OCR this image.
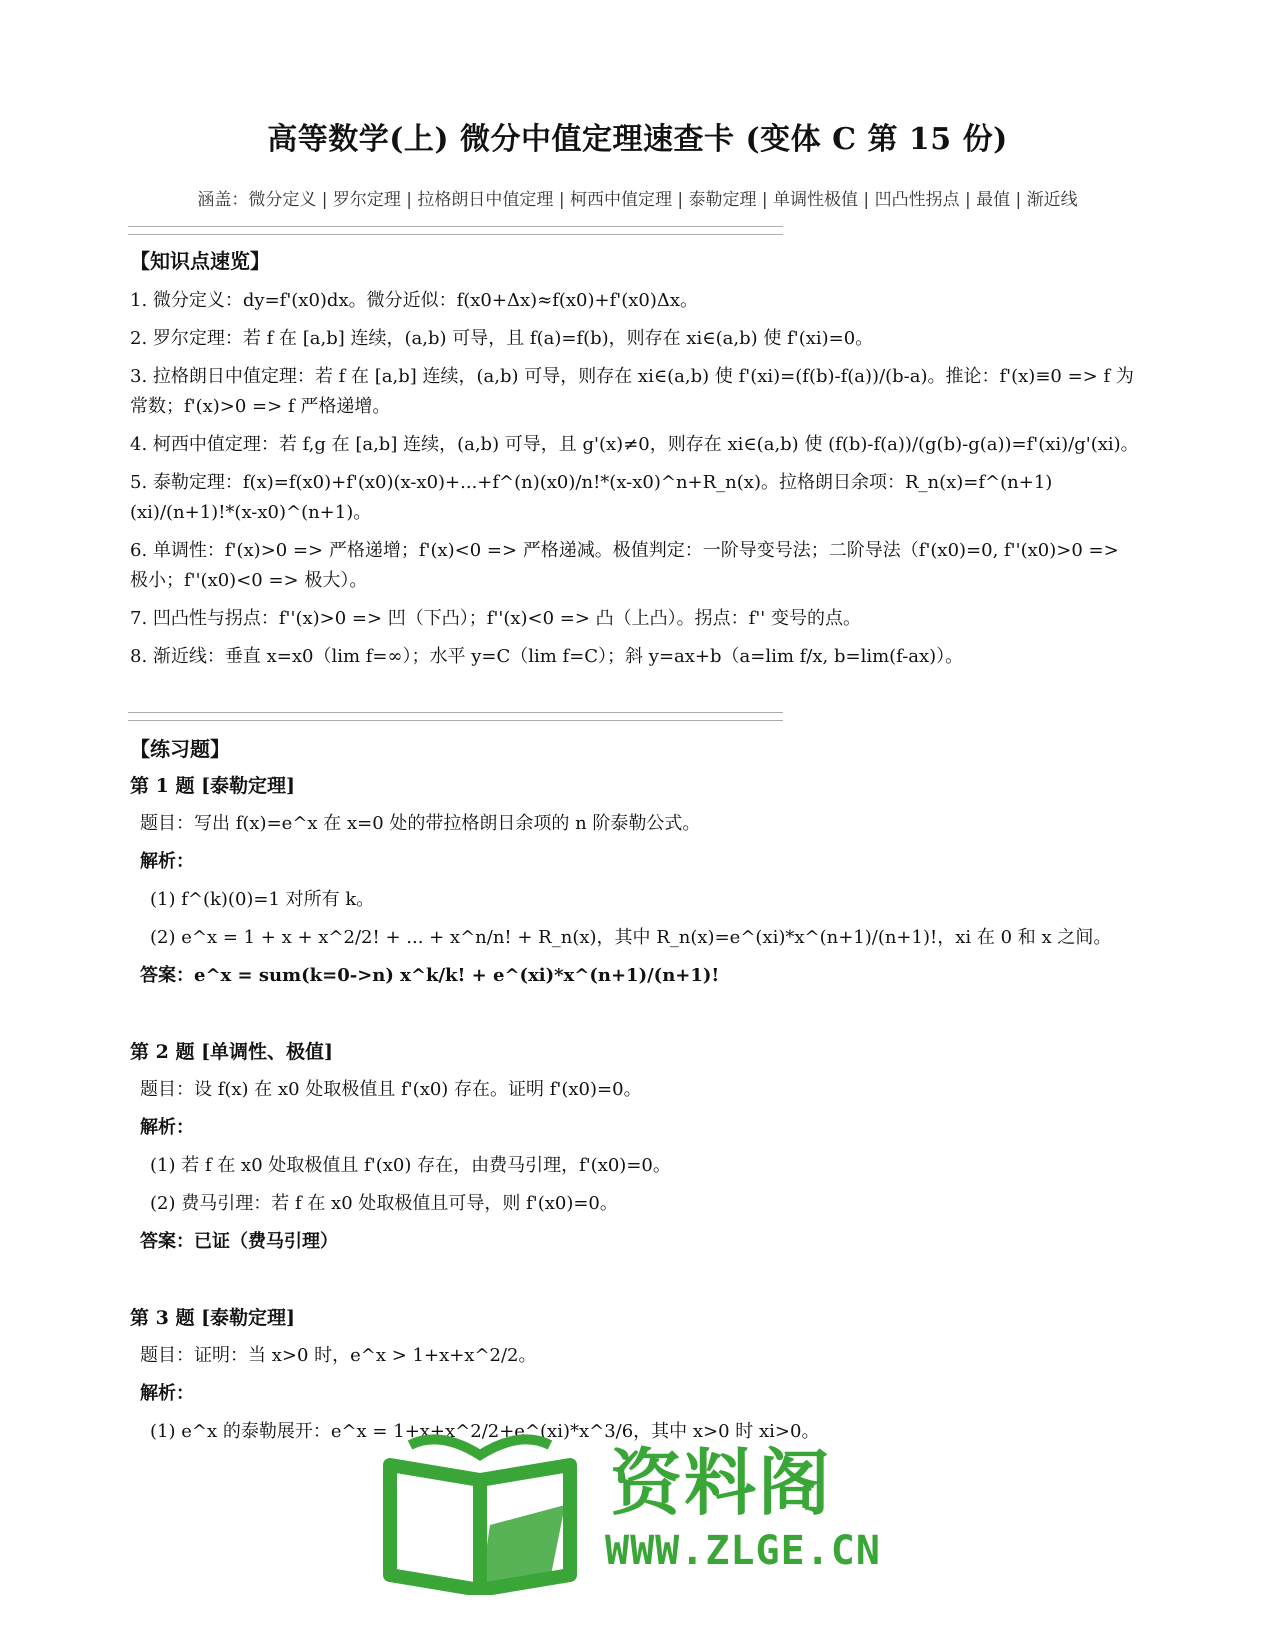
高等数学(上) 微分中值定理速查卡 (变体 C 第 15 份)
涵盖：微分定义 | 罗尔定理 | 拉格朗日中值定理 | 柯西中值定理 | 泰勒定理 | 单调性极值 | 凹凸性拐点 | 最值 | 渐近线
【知识点速览】

1. 微分定义：dy=f'(x0)dx。微分近似：f(x0+Δx)≈f(x0)+f'(x0)Δx。

2. 罗尔定理：若 f 在 [a,b] 连续，(a,b) 可导，且 f(a)=f(b)，则存在 xi∈(a,b) 使 f'(xi)=0。

3. 拉格朗日中值定理：若 f 在 [a,b] 连续，(a,b) 可导，则存在 xi∈(a,b) 使 f'(xi)=(f(b)-f(a))/(b-a)。推论：f'(x)≡0 => f 为常数；f'(x)>0 => f 严格递增。

4. 柯西中值定理：若 f,g 在 [a,b] 连续，(a,b) 可导，且 g'(x)≠0，则存在 xi∈(a,b) 使 (f(b)-f(a))/(g(b)-g(a))=f'(xi)/g'(xi)。

5. 泰勒定理：f(x)=f(x0)+f'(x0)(x-x0)+...+f^(n)(x0)/n!*(x-x0)^n+R_n(x)。拉格朗日余项：R_n(x)=f^(n+1)(xi)/(n+1)!*(x-x0)^(n+1)。

6. 单调性：f'(x)>0 => 严格递增；f'(x)<0 => 严格递减。极值判定：一阶导变号法；二阶导法（f'(x0)=0, f''(x0)>0 => 极小；f''(x0)<0 => 极大）。

7. 凹凸性与拐点：f''(x)>0 => 凹（下凸）；f''(x)<0 => 凸（上凸）。拐点：f'' 变号的点。

8. 渐近线：垂直 x=x0（lim f=∞）；水平 y=C（lim f=C）；斜 y=ax+b（a=lim f/x, b=lim(f-ax)）。

【练习题】

第 1 题 [泰勒定理]

题目：写出 f(x)=e^x 在 x=0 处的带拉格朗日余项的 n 阶泰勒公式。

解析：

(1) f^(k)(0)=1 对所有 k。

(2) e^x = 1 + x + x^2/2! + ... + x^n/n! + R_n(x)，其中 R_n(x)=e^(xi)*x^(n+1)/(n+1)!，xi 在 0 和 x 之间。

答案：e^x = sum(k=0->n) x^k/k! + e^(xi)*x^(n+1)/(n+1)!

第 2 题 [单调性、极值]

题目：设 f(x) 在 x0 处取极值且 f'(x0) 存在。证明 f'(x0)=0。

解析：

(1) 若 f 在 x0 处取极值且 f'(x0) 存在，由费马引理，f'(x0)=0。

(2) 费马引理：若 f 在 x0 处取极值且可导，则 f'(x0)=0。

答案：已证（费马引理）

第 3 题 [泰勒定理]

题目：证明：当 x>0 时，e^x > 1+x+x^2/2。

解析：

(1) e^x 的泰勒展开：e^x = 1+x+x^2/2+e^(xi)*x^3/6，其中 x>0 时 xi>0。

资料阁
WWW.ZLGE.CN
